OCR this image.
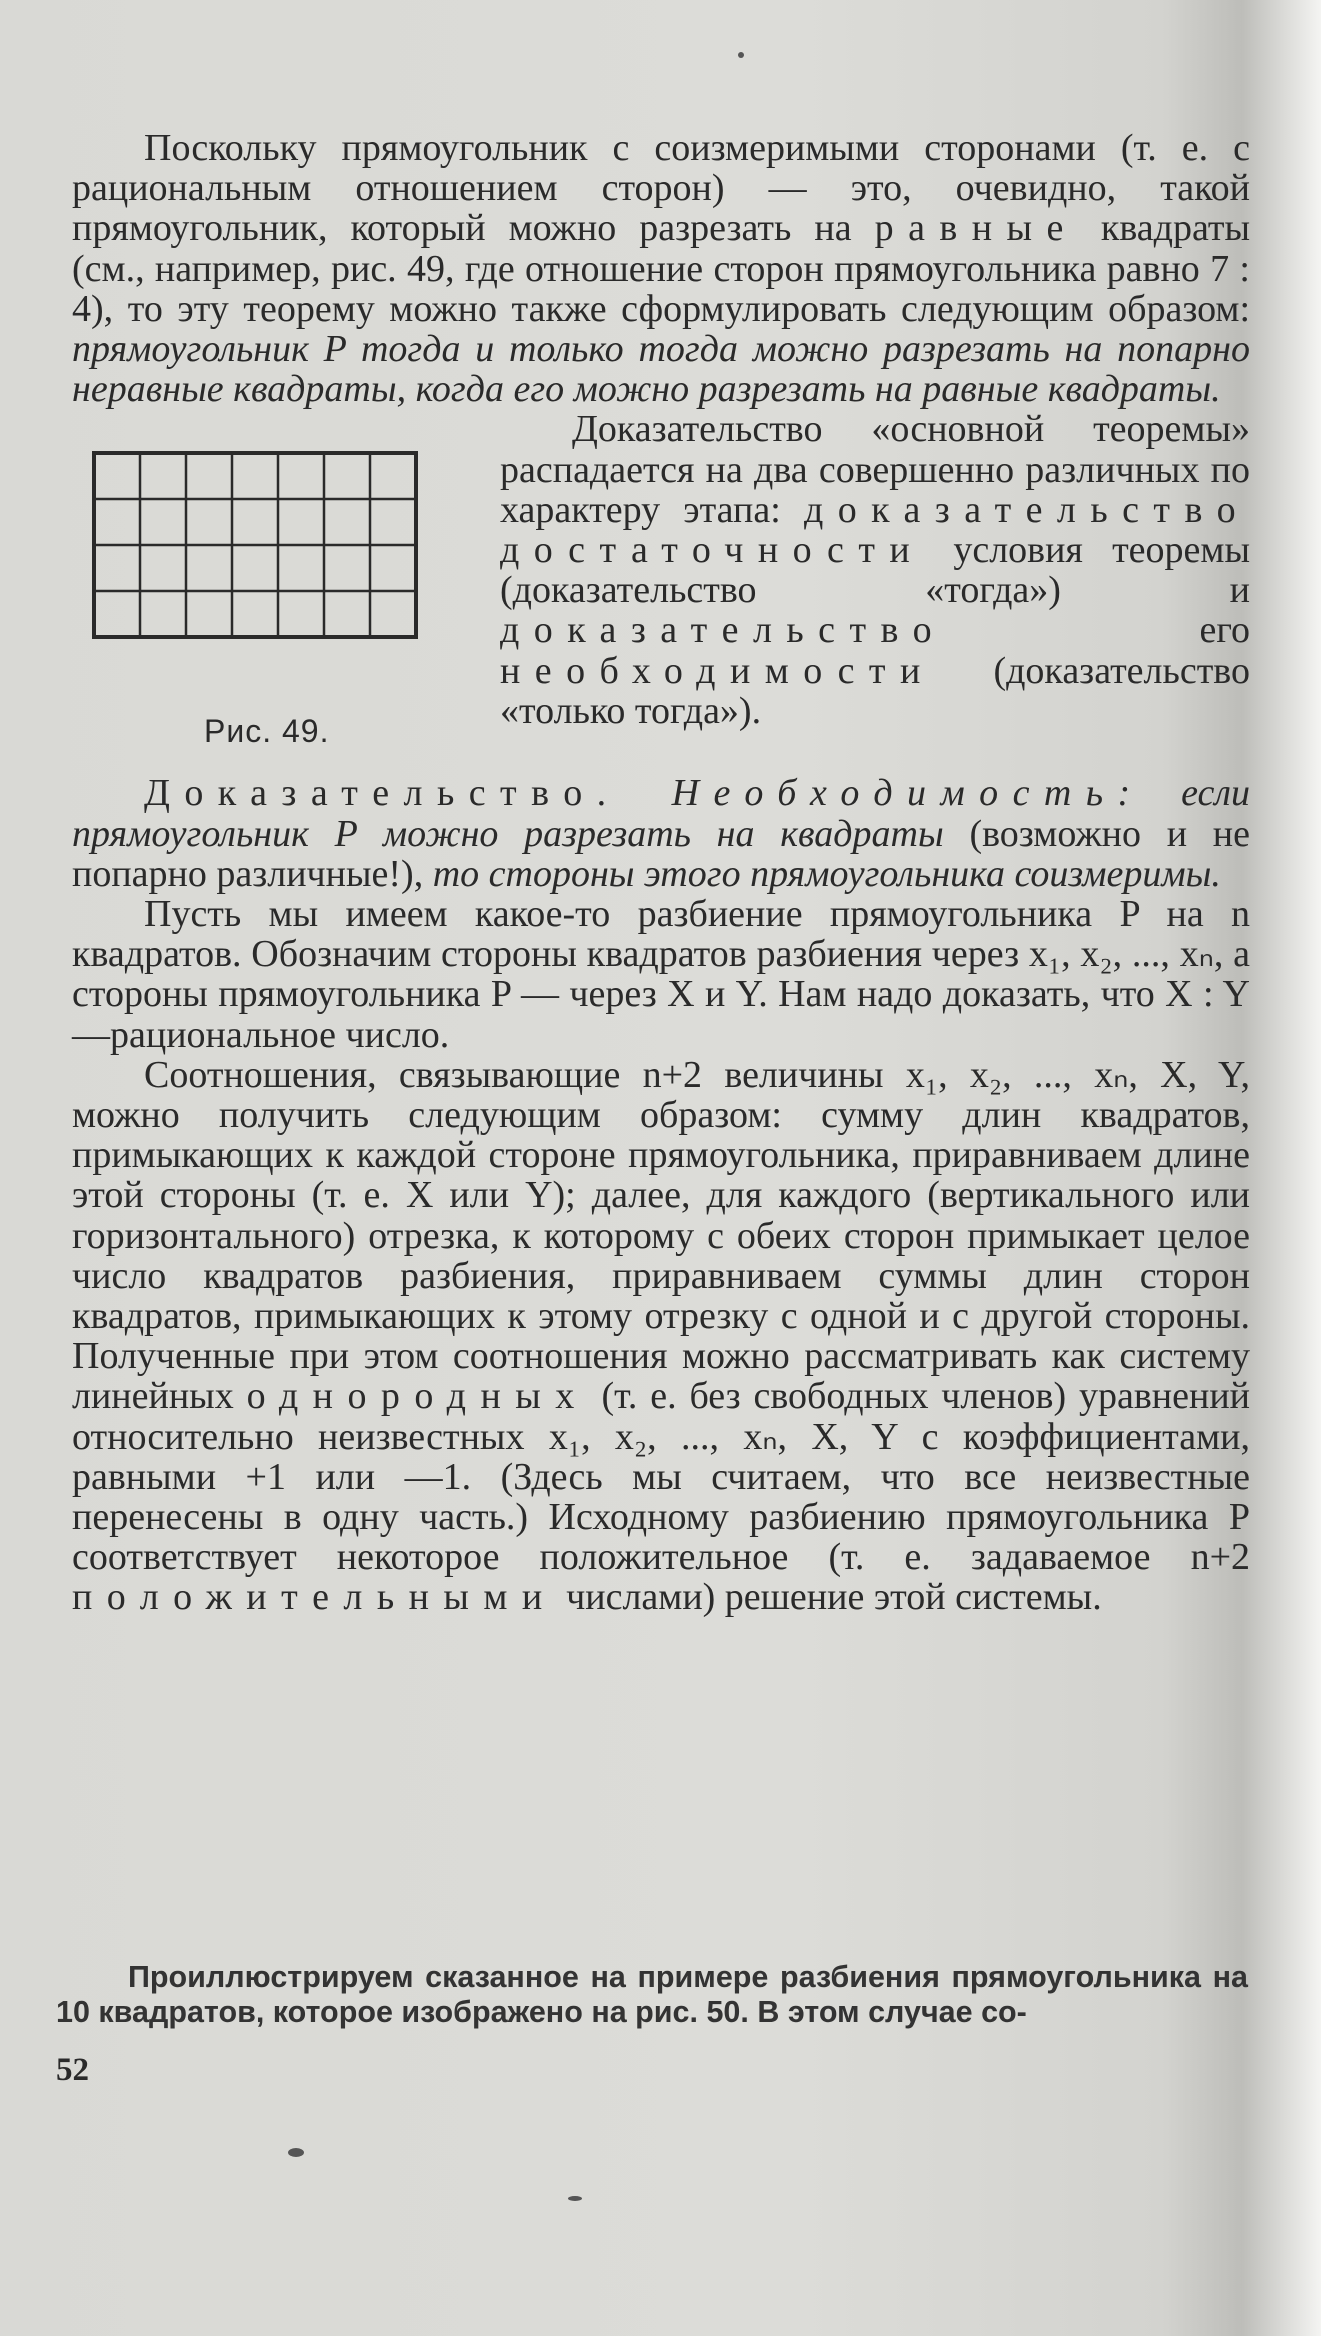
Поскольку прямоугольник с соизмеримыми сторонами (т. е. с рациональным отношением сторон) — это, очевидно, такой прямоугольник, который можно разрезать на равные квадраты (см., например, рис. 49, где отношение сторон прямоугольника равно 7 : 4), то эту теорему можно также сформулировать следующим образом: прямоугольник P тогда и только тогда можно разрезать на попарно неравные квадраты, когда его можно разрезать на равные квадраты.

Рис. 49.

Доказательство «основной теоремы» распадается на два совершенно различных по характеру этапа: доказательство достаточности условия теоремы (доказательство «тогда») и доказательство	его необходимости (доказательство «только тогда»).

Доказательство. Необходимость: если прямоугольник P можно разрезать на квадраты (возможно и не попарно различные!), то стороны этого прямоугольника соизмеримы.

Пусть мы имеем какое-то разбиение прямоугольника P на n квадратов. Обозначим стороны квадратов разбиения через x₁, x₂, ..., xₙ, а стороны прямоугольника P — через X и Y. Нам надо доказать, что X : Y—рациональное число.

Соотношения, связывающие n+2 величины x₁, x₂, ..., xₙ, X, Y, можно получить следующим образом: сумму длин квадратов, примыкающих к каждой стороне прямоугольника, приравниваем длине этой стороны (т. е. X или Y); далее, для каждого (вертикального или горизонтального) отрезка, к которому с обеих сторон примыкает целое число квадратов разбиения, приравниваем суммы длин сторон квадратов, примыкающих к этому отрезку с одной и с другой стороны. Полученные при этом соотношения можно рассматривать как систему линейных однородных (т. е. без свободных членов) уравнений относительно неизвестных x₁, x₂, ..., xₙ, X, Y с коэффициентами, равными +1 или —1. (Здесь мы считаем, что все неизвестные перенесены в одну часть.) Исходному разбиению прямоугольника P соответствует некоторое положительное (т. е. задаваемое n+2 положительными числами) решение этой системы.

Проиллюстрируем сказанное на примере разбиения прямоугольника на 10 квадратов, которое изображено на рис. 50. В этом случае со-

52
